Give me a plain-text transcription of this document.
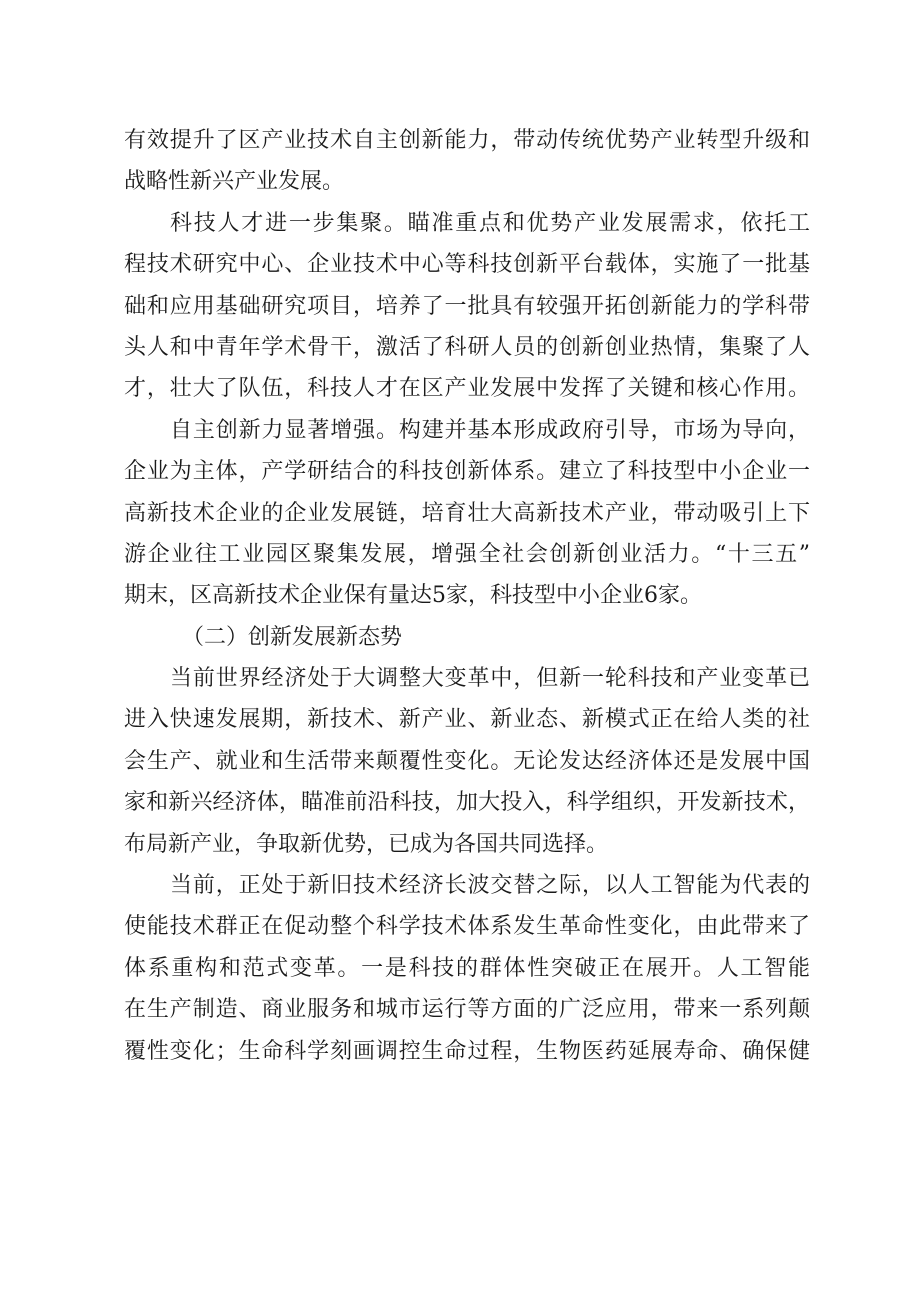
有效提升了区产业技术自主创新能力，带动传统优势产业转型升级和
战略性新兴产业发展。
科技人才进一步集聚。瞄准重点和优势产业发展需求，依托工
程技术研究中心、企业技术中心等科技创新平台载体，实施了一批基
础和应用基础研究项目，培养了一批具有较强开拓创新能力的学科带
头人和中青年学术骨干，激活了科研人员的创新创业热情，集聚了人
才，壮大了队伍，科技人才在区产业发展中发挥了关键和核心作用。
自主创新力显著增强。构建并基本形成政府引导，市场为导向，
企业为主体，产学研结合的科技创新体系。建立了科技型中小企业一
高新技术企业的企业发展链，培育壮大高新技术产业，带动吸引上下
游企业往工业园区聚集发展，增强全社会创新创业活力。“十三五”
期末，区高新技术企业保有量达5家，科技型中小企业6家。
（二）创新发展新态势
当前世界经济处于大调整大变革中，但新一轮科技和产业变革已
进入快速发展期，新技术、新产业、新业态、新模式正在给人类的社
会生产、就业和生活带来颠覆性变化。无论发达经济体还是发展中国
家和新兴经济体，瞄准前沿科技，加大投入，科学组织，开发新技术，
布局新产业，争取新优势，已成为各国共同选择。
当前，正处于新旧技术经济长波交替之际，以人工智能为代表的
使能技术群正在促动整个科学技术体系发生革命性变化，由此带来了
体系重构和范式变革。一是科技的群体性突破正在展开。人工智能
在生产制造、商业服务和城市运行等方面的广泛应用，带来一系列颠
覆性变化；生命科学刻画调控生命过程，生物医药延展寿命、确保健
